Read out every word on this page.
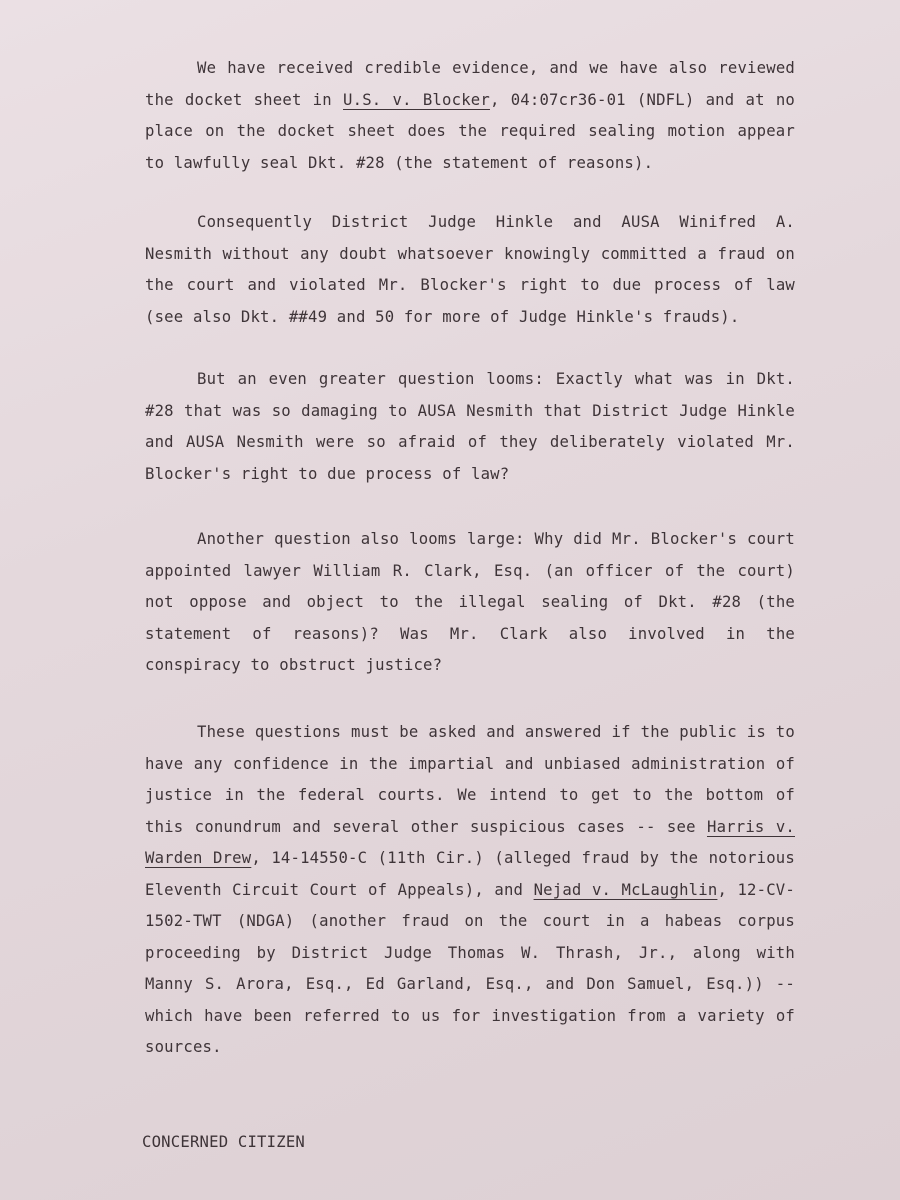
We have received credible evidence, and we have also reviewed the docket sheet in U.S. v. Blocker, 04:07cr36-01 (NDFL) and at no place on the docket sheet does the required sealing motion appear to lawfully seal Dkt. #28 (the statement of reasons).

Consequently District Judge Hinkle and AUSA Winifred A. Nesmith without any doubt whatsoever knowingly committed a fraud on the court and violated Mr. Blocker's right to due process of law (see also Dkt. ##49 and 50 for more of Judge Hinkle's frauds).

But an even greater question looms: Exactly what was in Dkt. #28 that was so damaging to AUSA Nesmith that District Judge Hinkle and AUSA Nesmith were so afraid of they deliberately violated Mr. Blocker's right to due process of law?

Another question also looms large: Why did Mr. Blocker's court appointed lawyer William R. Clark, Esq. (an officer of the court) not oppose and object to the illegal sealing of Dkt. #28 (the statement of reasons)? Was Mr. Clark also involved in the conspiracy to obstruct justice?

These questions must be asked and answered if the public is to have any confidence in the impartial and unbiased administration of justice in the federal courts. We intend to get to the bottom of this conundrum and several other suspicious cases -- see Harris v. Warden Drew, 14-14550-C (11th Cir.) (alleged fraud by the notorious Eleventh Circuit Court of Appeals), and Nejad v. McLaughlin, 12-CV-1502-TWT (NDGA) (another fraud on the court in a habeas corpus proceeding by District Judge Thomas W. Thrash, Jr., along with Manny S. Arora, Esq., Ed Garland, Esq., and Don Samuel, Esq.)) -- which have been referred to us for investigation from a variety of sources.

CONCERNED CITIZEN
